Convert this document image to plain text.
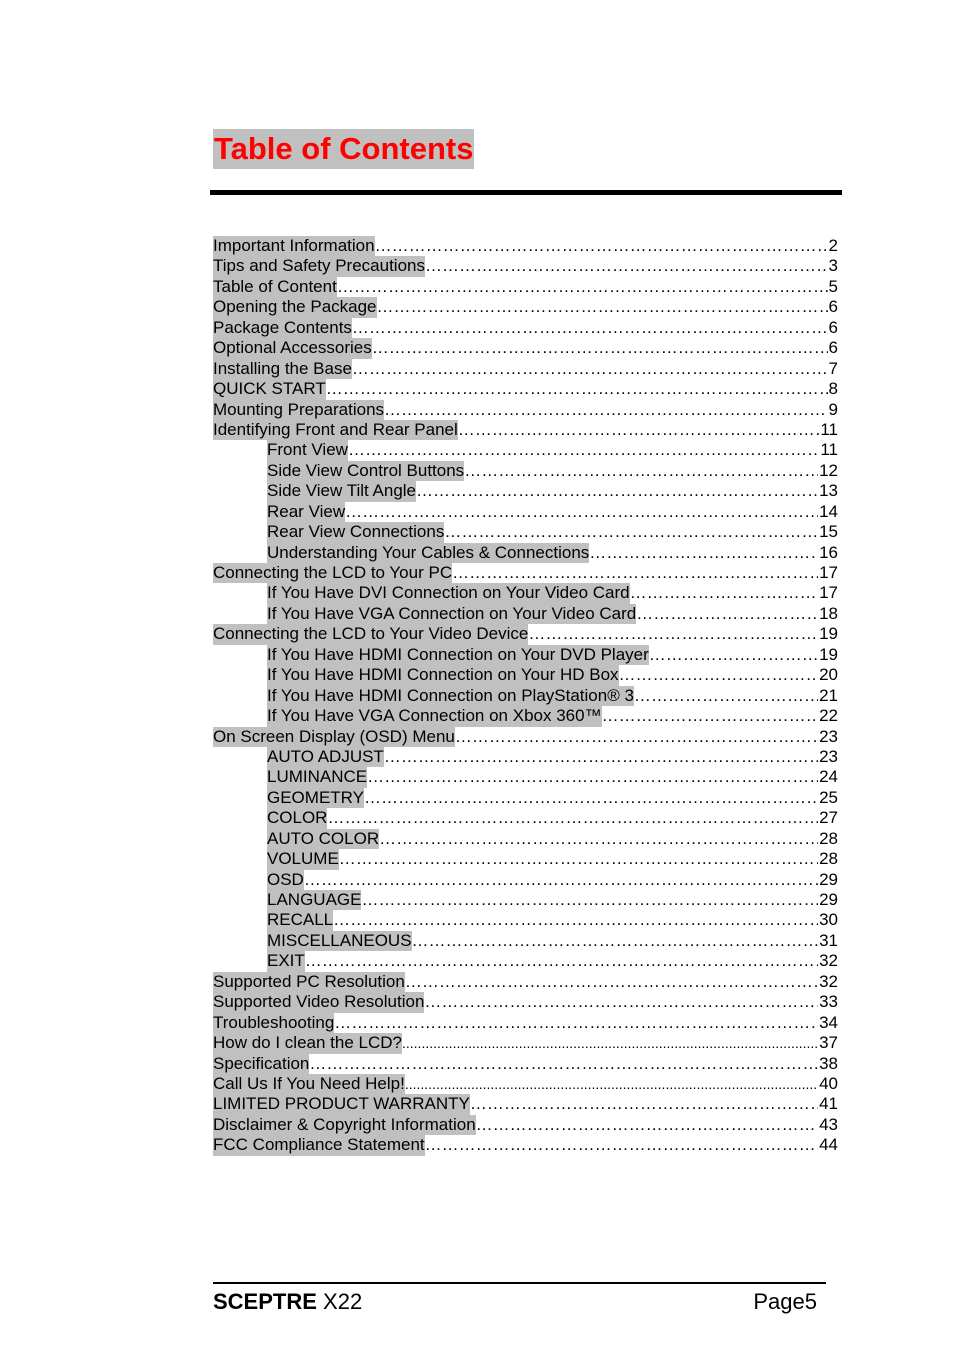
Table of Contents
Important Information ……………………………………………………………………………………………………………………………………………………………………………………	2
Tips and Safety Precautions ……………………………………………………………………………………………………………………………………………………………………………………	3
Table of Content ……………………………………………………………………………………………………………………………………………………………………………………	5
Opening the Package ……………………………………………………………………………………………………………………………………………………………………………………	6
Package Contents ……………………………………………………………………………………………………………………………………………………………………………………	6
Optional Accessories ……………………………………………………………………………………………………………………………………………………………………………………	6
Installing the Base ……………………………………………………………………………………………………………………………………………………………………………………	7
QUICK START ……………………………………………………………………………………………………………………………………………………………………………………	8
Mounting Preparations ……………………………………………………………………………………………………………………………………………………………………………………	9
Identifying Front and Rear Panel ……………………………………………………………………………………………………………………………………………………………………………………	11
Front View ……………………………………………………………………………………………………………………………………………………………………………………	11
Side View Control Buttons ……………………………………………………………………………………………………………………………………………………………………………………	12
Side View Tilt Angle ……………………………………………………………………………………………………………………………………………………………………………………	13
Rear View ……………………………………………………………………………………………………………………………………………………………………………………	14
Rear View Connections ……………………………………………………………………………………………………………………………………………………………………………………	15
Understanding Your Cables & Connections ……………………………………………………………………………………………………………………………………………………………………………………	16
Connecting the LCD to Your PC ……………………………………………………………………………………………………………………………………………………………………………………	17
If You Have DVI Connection on Your Video Card ……………………………………………………………………………………………………………………………………………………………………………………	17
If You Have VGA Connection on Your Video Card ……………………………………………………………………………………………………………………………………………………………………………………	18
Connecting the LCD to Your Video Device ……………………………………………………………………………………………………………………………………………………………………………………	19
If You Have HDMI Connection on Your DVD Player ……………………………………………………………………………………………………………………………………………………………………………………	19
If You Have HDMI Connection on Your HD Box ……………………………………………………………………………………………………………………………………………………………………………………	20
If You Have HDMI Connection on PlayStation® 3 ……………………………………………………………………………………………………………………………………………………………………………………	21
If You Have VGA Connection on Xbox 360™ ……………………………………………………………………………………………………………………………………………………………………………………	22
On Screen Display (OSD) Menu ……………………………………………………………………………………………………………………………………………………………………………………	23
AUTO ADJUST ……………………………………………………………………………………………………………………………………………………………………………………	23
LUMINANCE ……………………………………………………………………………………………………………………………………………………………………………………	24
GEOMETRY ……………………………………………………………………………………………………………………………………………………………………………………	25
COLOR ……………………………………………………………………………………………………………………………………………………………………………………	27
AUTO COLOR ……………………………………………………………………………………………………………………………………………………………………………………	28
VOLUME ……………………………………………………………………………………………………………………………………………………………………………………	28
OSD ……………………………………………………………………………………………………………………………………………………………………………………	29
LANGUAGE ……………………………………………………………………………………………………………………………………………………………………………………	29
RECALL ……………………………………………………………………………………………………………………………………………………………………………………	30
MISCELLANEOUS ……………………………………………………………………………………………………………………………………………………………………………………	31
EXIT ……………………………………………………………………………………………………………………………………………………………………………………	32
Supported PC Resolution ……………………………………………………………………………………………………………………………………………………………………………………	32
Supported Video Resolution ……………………………………………………………………………………………………………………………………………………………………………………	33
Troubleshooting ……………………………………………………………………………………………………………………………………………………………………………………	34
How do I clean the LCD? .....	37
Specification ……………………………………………………………………………………………………………………………………………………………………………………	38
Call Us If You Need Help! .....	40
LIMITED PRODUCT WARRANTY ……………………………………………………………………………………………………………………………………………………………………………………	41
Disclaimer & Copyright Information ……………………………………………………………………………………………………………………………………………………………………………………	43
FCC Compliance Statement ……………………………………………………………………………………………………………………………………………………………………………………	44
SCEPTRE X22	Page5
